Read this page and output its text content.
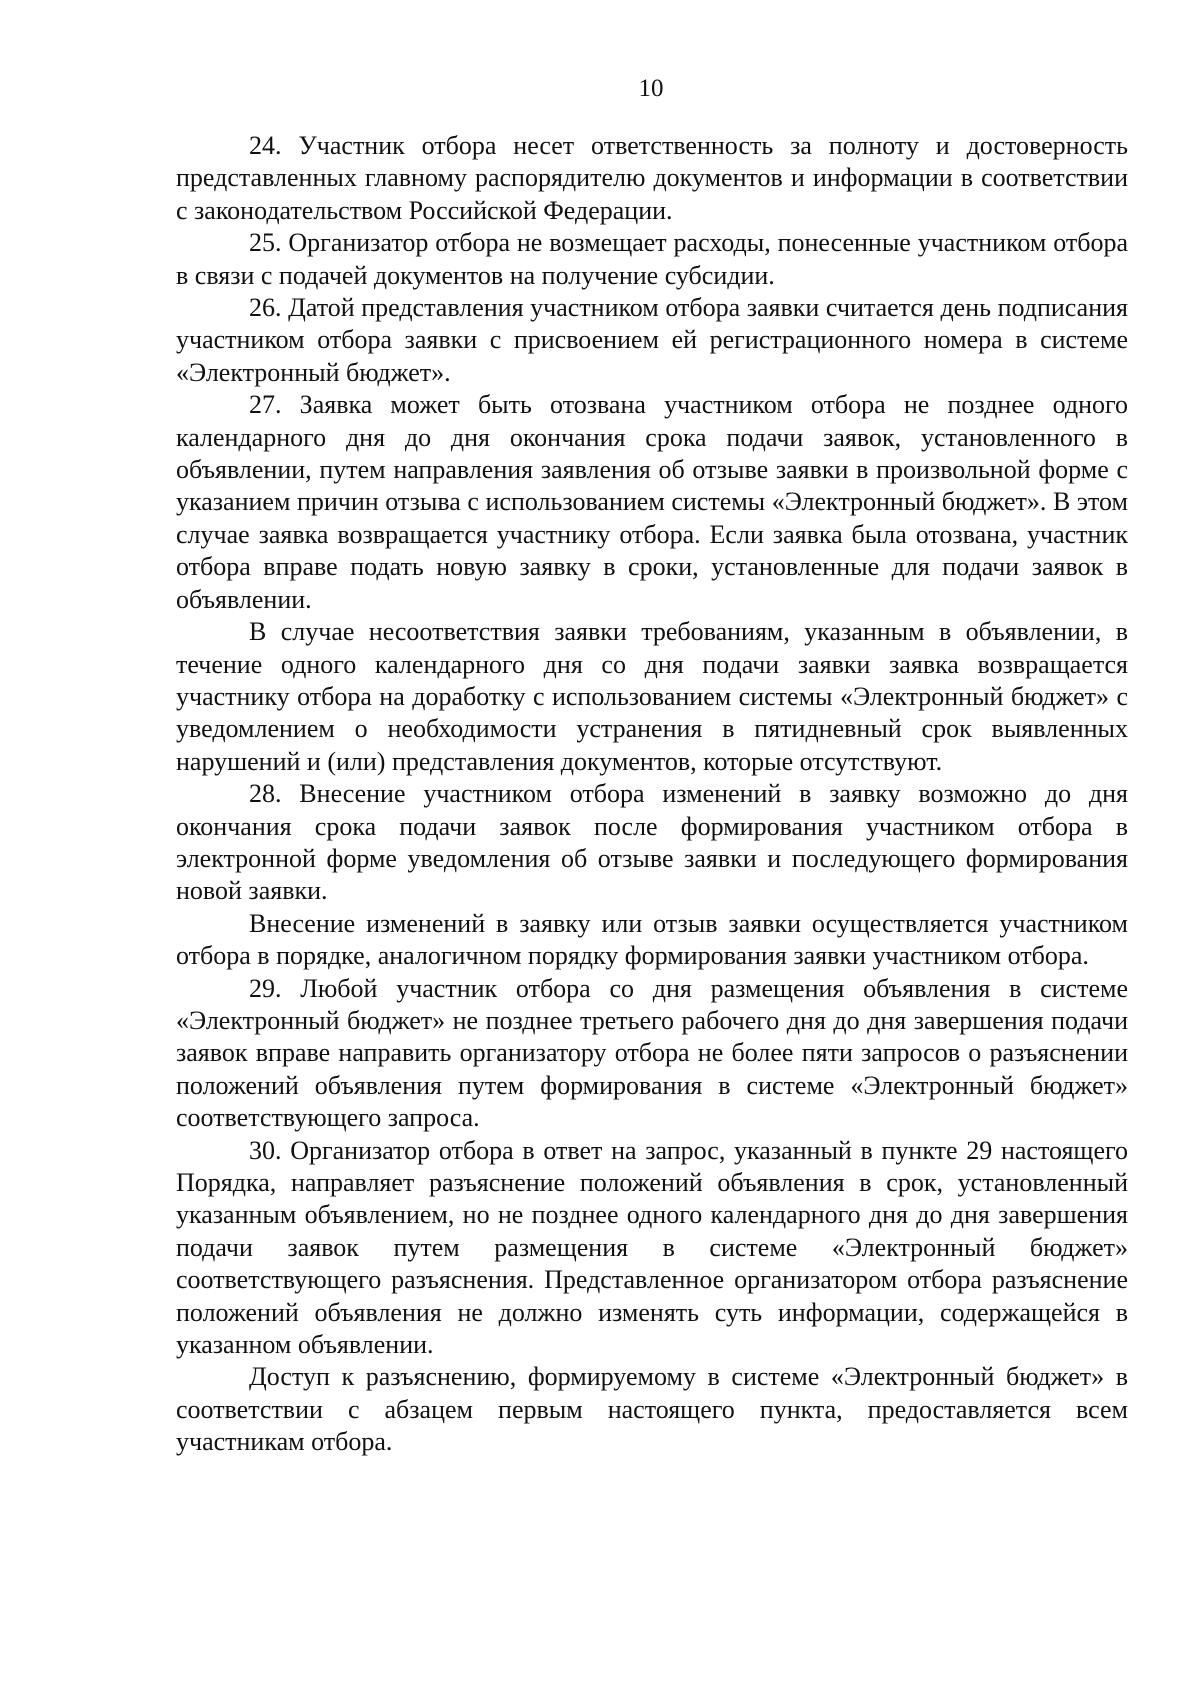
10

24. Участник отбора несет ответственность за полноту и достоверность представленных главному распорядителю документов и информации в соответствии с законодательством Российской Федерации.

25. Организатор отбора не возмещает расходы, понесенные участником отбора в связи с подачей документов на получение субсидии.

26. Датой представления участником отбора заявки считается день подписания участником отбора заявки с присвоением ей регистрационного номера в системе «Электронный бюджет».

27. Заявка может быть отозвана участником отбора не позднее одного календарного дня до дня окончания срока подачи заявок, установленного в объявлении, путем направления заявления об отзыве заявки в произвольной форме с указанием причин отзыва с использованием системы «Электронный бюджет». В этом случае заявка возвращается участнику отбора. Если заявка была отозвана, участник отбора вправе подать новую заявку в сроки, установленные для подачи заявок в объявлении.

В случае несоответствия заявки требованиям, указанным в объявлении, в течение одного календарного дня со дня подачи заявки заявка возвращается участнику отбора на доработку с использованием системы «Электронный бюджет» с уведомлением о необходимости устранения в пятидневный срок выявленных нарушений и (или) представления документов, которые отсутствуют.

28. Внесение участником отбора изменений в заявку возможно до дня окончания срока подачи заявок после формирования участником отбора в электронной форме уведомления об отзыве заявки и последующего формирования новой заявки.

Внесение изменений в заявку или отзыв заявки осуществляется участником отбора в порядке, аналогичном порядку формирования заявки участником отбора.

29. Любой участник отбора со дня размещения объявления в системе «Электронный бюджет» не позднее третьего рабочего дня до дня завершения подачи заявок вправе направить организатору отбора не более пяти запросов о разъяснении положений объявления путем формирования в системе «Электронный бюджет» соответствующего запроса.

30. Организатор отбора в ответ на запрос, указанный в пункте 29 настоящего Порядка, направляет разъяснение положений объявления в срок, установленный указанным объявлением, но не позднее одного календарного дня до дня завершения подачи заявок путем размещения в системе «Электронный бюджет» соответствующего разъяснения. Представленное организатором отбора разъяснение положений объявления не должно изменять суть информации, содержащейся в указанном объявлении.

Доступ к разъяснению, формируемому в системе «Электронный бюджет» в соответствии с абзацем первым настоящего пункта, предоставляется всем участникам отбора.
